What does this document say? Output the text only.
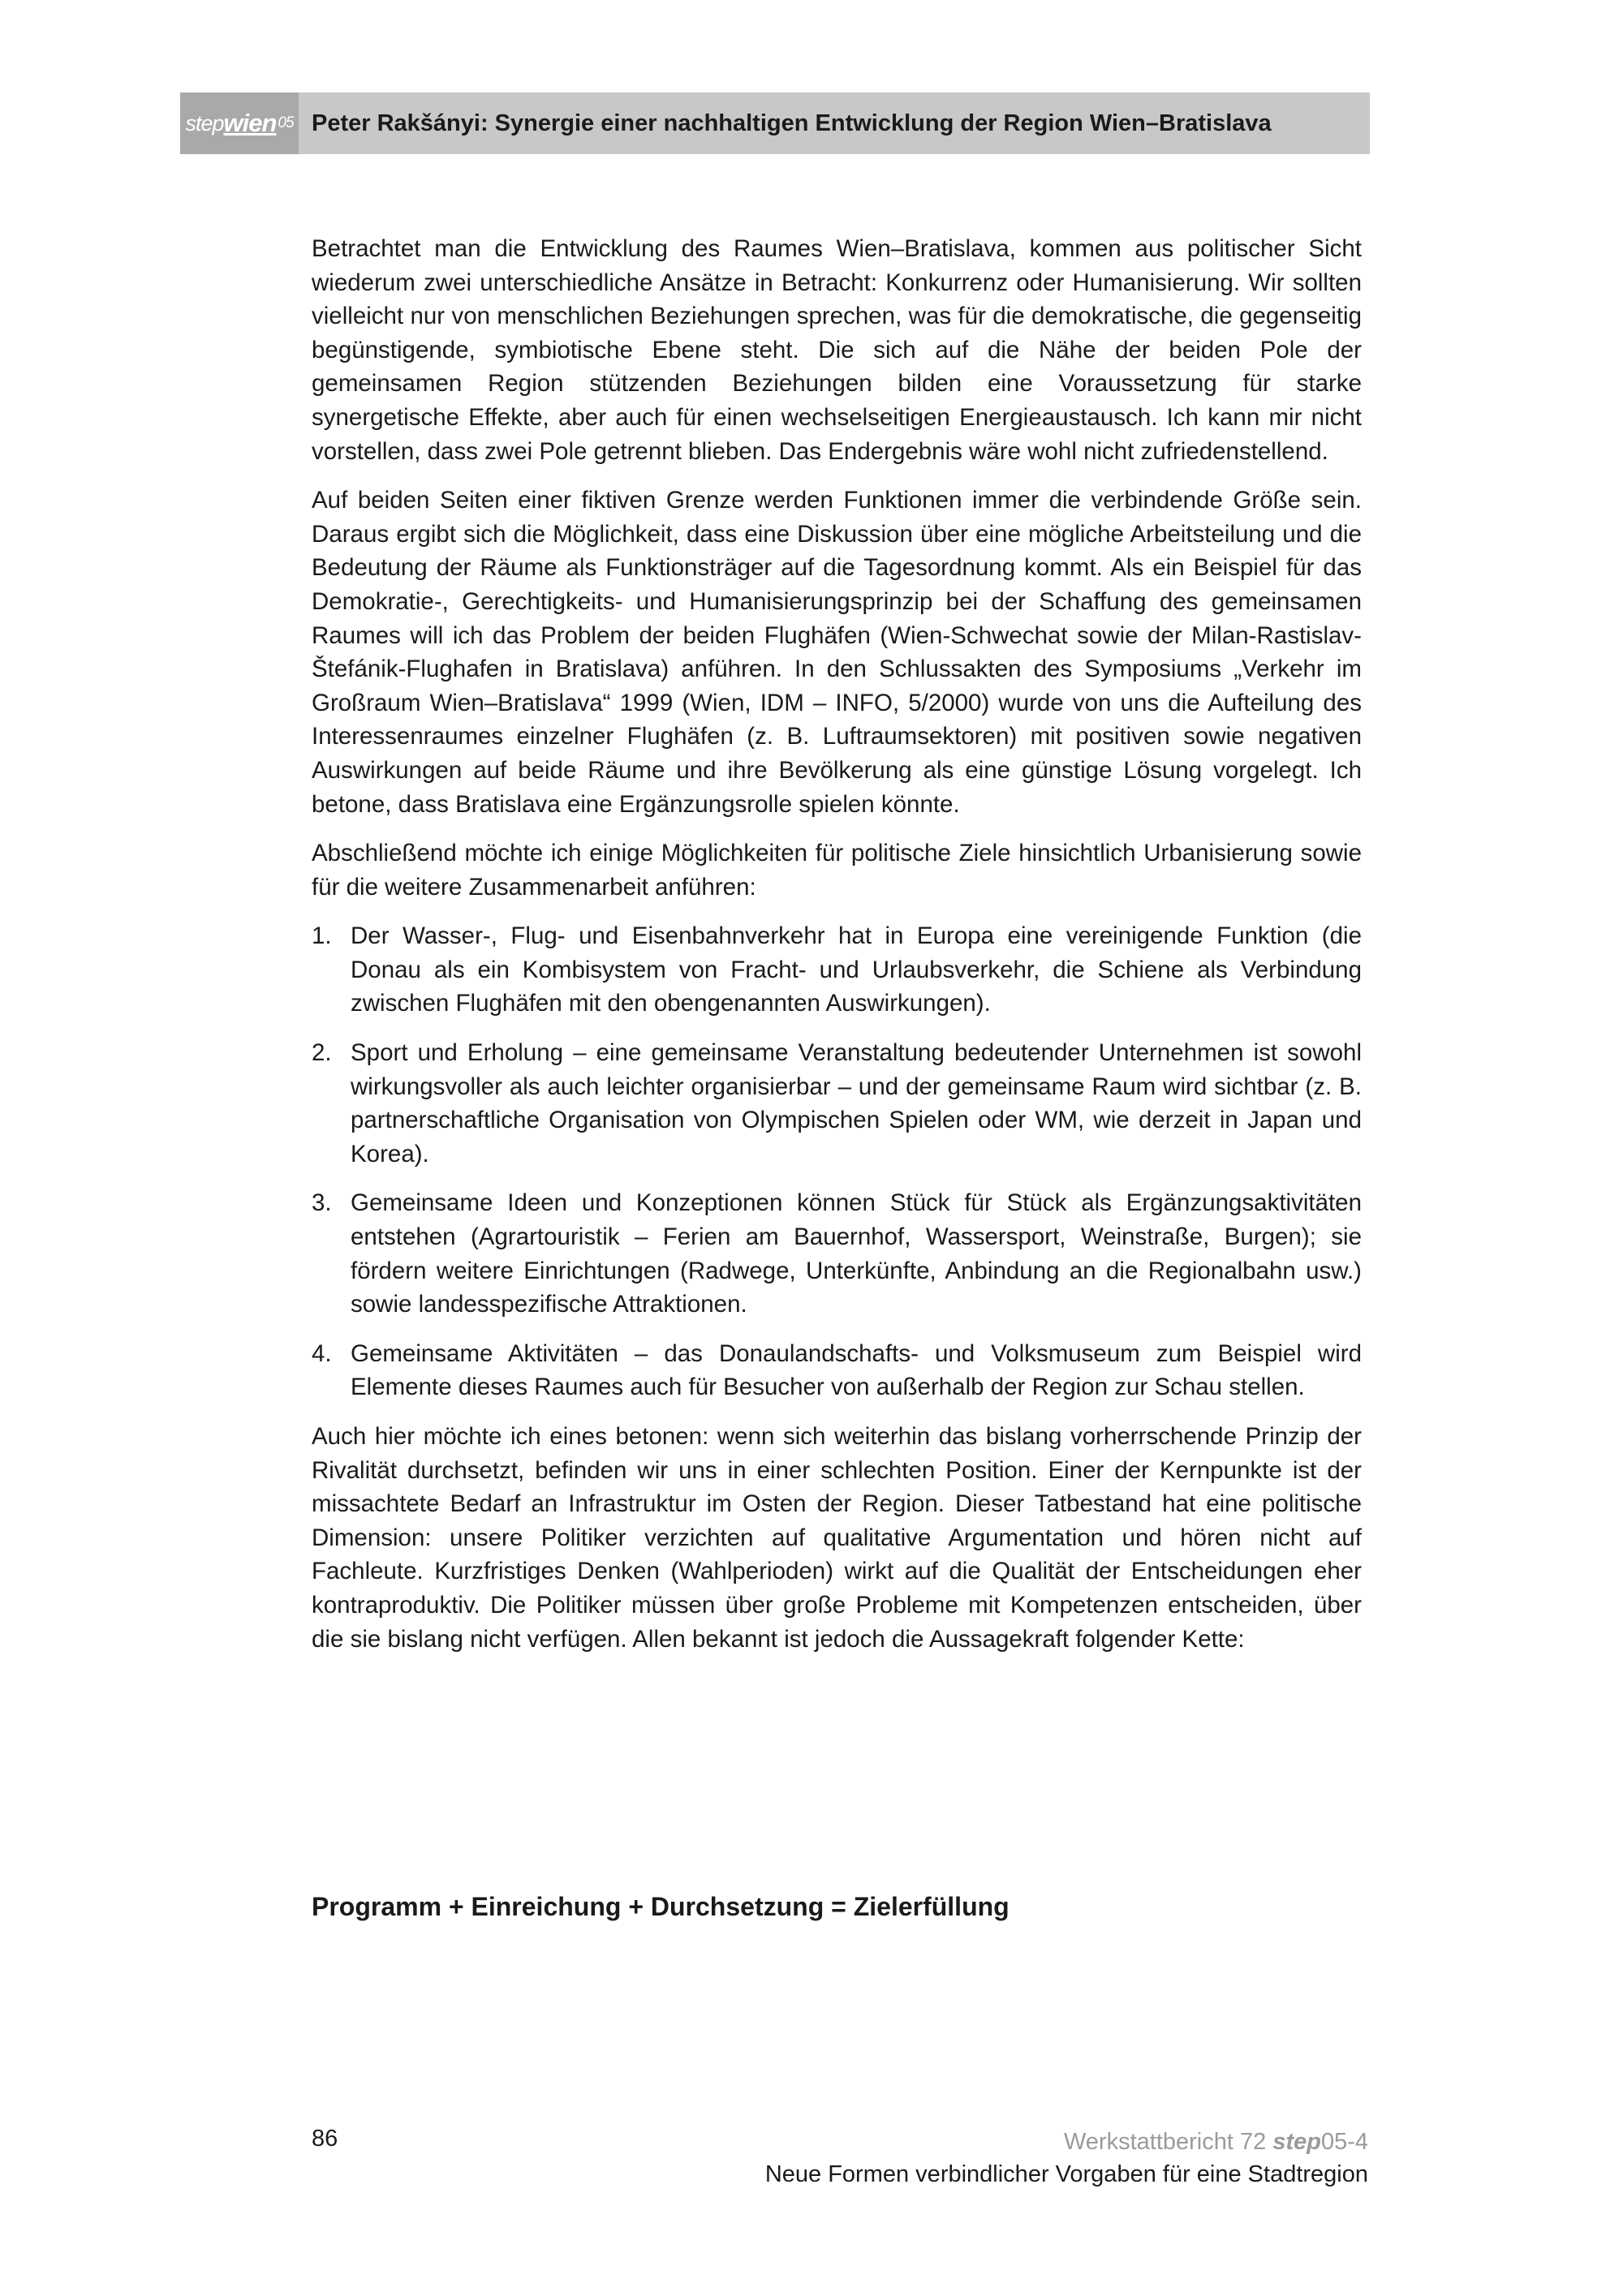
step wien 05 Peter Rakšányi: Synergie einer nachhaltigen Entwicklung der Region Wien–Bratislava

Betrachtet man die Entwicklung des Raumes Wien–Bratislava, kommen aus politischer Sicht wiederum zwei unterschiedliche Ansätze in Betracht: Konkurrenz oder Humanisierung. Wir sollten vielleicht nur von menschlichen Beziehungen sprechen, was für die demokratische, die gegenseitig begünstigende, symbiotische Ebene steht. Die sich auf die Nähe der beiden Pole der gemeinsamen Region stützenden Beziehungen bilden eine Voraussetzung für starke synergetische Effekte, aber auch für einen wechselseitigen Energieaustausch. Ich kann mir nicht vorstellen, dass zwei Pole getrennt blieben. Das Endergebnis wäre wohl nicht zufriedenstellend.

Auf beiden Seiten einer fiktiven Grenze werden Funktionen immer die verbindende Größe sein. Daraus ergibt sich die Möglichkeit, dass eine Diskussion über eine mögliche Arbeitsteilung und die Bedeutung der Räume als Funktionsträger auf die Tagesordnung kommt. Als ein Beispiel für das Demokratie-, Gerechtigkeits- und Humanisierungsprinzip bei der Schaffung des gemeinsamen Raumes will ich das Problem der beiden Flughäfen (Wien-Schwechat sowie der Milan-Rastislav-Štefánik-Flughafen in Bratislava) anführen. In den Schlussakten des Symposiums „Verkehr im Großraum Wien–Bratislava“ 1999 (Wien, IDM – INFO, 5/2000) wurde von uns die Aufteilung des Interessenraumes einzelner Flughäfen (z. B. Luftraumsektoren) mit positiven sowie negativen Auswirkungen auf beide Räume und ihre Bevölkerung als eine günstige Lösung vorgelegt. Ich betone, dass Bratislava eine Ergänzungsrolle spielen könnte.

Abschließend möchte ich einige Möglichkeiten für politische Ziele hinsichtlich Urbanisierung sowie für die weitere Zusammenarbeit anführen:

1. Der Wasser-, Flug- und Eisenbahnverkehr hat in Europa eine vereinigende Funktion (die Donau als ein Kombisystem von Fracht- und Urlaubsverkehr, die Schiene als Verbindung zwischen Flughäfen mit den obengenannten Auswirkungen).
2. Sport und Erholung – eine gemeinsame Veranstaltung bedeutender Unternehmen ist sowohl wirkungsvoller als auch leichter organisierbar – und der gemeinsame Raum wird sichtbar (z. B. partnerschaftliche Organisation von Olympischen Spielen oder WM, wie derzeit in Japan und Korea).
3. Gemeinsame Ideen und Konzeptionen können Stück für Stück als Ergänzungsaktivitäten entstehen (Agrartouristik – Ferien am Bauernhof, Wassersport, Weinstraße, Burgen); sie fördern weitere Einrichtungen (Radwege, Unterkünfte, Anbindung an die Regionalbahn usw.) sowie landesspezifische Attraktionen.
4. Gemeinsame Aktivitäten – das Donaulandschafts- und Volksmuseum zum Beispiel wird Elemente dieses Raumes auch für Besucher von außerhalb der Region zur Schau stellen.

Auch hier möchte ich eines betonen: wenn sich weiterhin das bislang vorherrschende Prinzip der Rivalität durchsetzt, befinden wir uns in einer schlechten Position. Einer der Kernpunkte ist der missachtete Bedarf an Infrastruktur im Osten der Region. Dieser Tatbestand hat eine politische Dimension: unsere Politiker verzichten auf qualitative Argumentation und hören nicht auf Fachleute. Kurzfristiges Denken (Wahlperioden) wirkt auf die Qualität der Entscheidungen eher kontraproduktiv. Die Politiker müssen über große Probleme mit Kompetenzen entscheiden, über die sie bislang nicht verfügen. Allen bekannt ist jedoch die Aussagekraft folgender Kette:

Programm + Einreichung + Durchsetzung = Zielerfüllung
86	Werkstattbericht 72 step05-4
Neue Formen verbindlicher Vorgaben für eine Stadtregion
